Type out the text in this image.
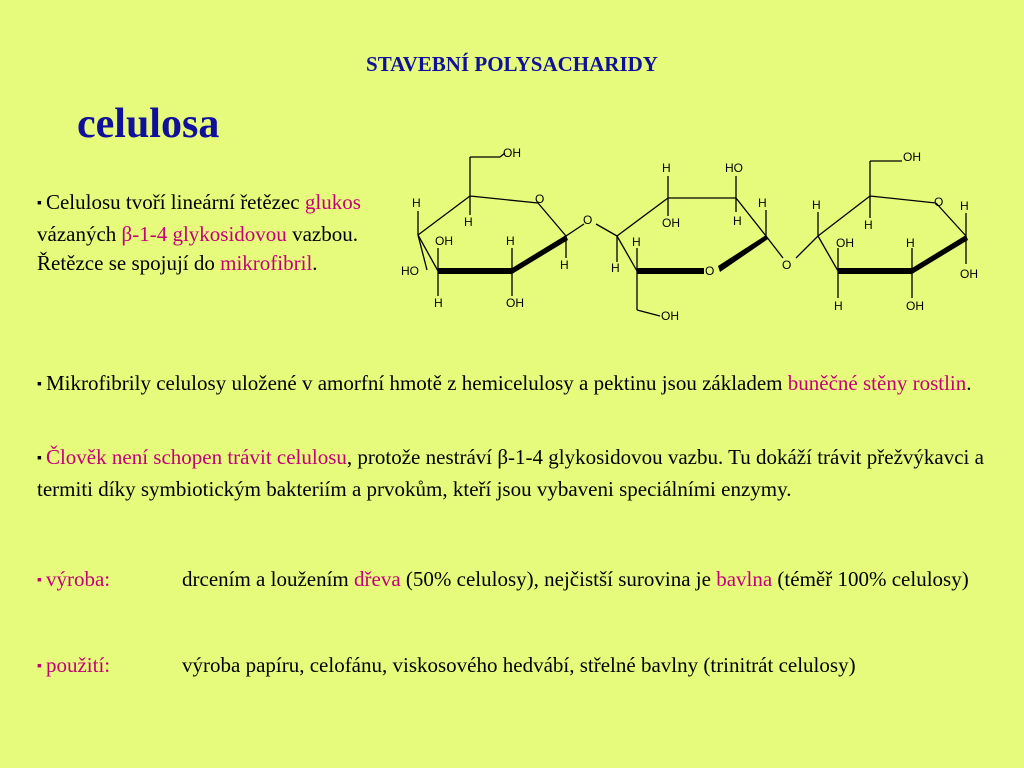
STAVEBNÍ POLYSACHARIDY
celulosa

▪ Celulosu tvoří lineární řetězec glukos vázaných β-1-4 glykosidovou vazbou. Řetězce se spojují do mikrofibril.

▪ Mikrofibrily celulosy uložené v amorfní hmotě z hemicelulosy a pektinu jsou základem buněčné stěny rostlin.

▪ Člověk není schopen trávit celulosu, protože nestráví β-1-4 glykosidovou vazbu. Tu dokáží trávit přežvýkavci a termiti díky symbiotickým bakteriím a prvokům, kteří jsou vybaveni speciálními enzymy.

▪ výroba:	drcením a loužením dřeva (50% celulosy), nejčistší surovina je bavlna (téměř 100% celulosy)
▪ použití:	výroba papíru, celofánu, viskosového hedvábí, střelné bavlny (trinitrát celulosy)
OH
O
H
H
OH	H
HO	H
H	OH
O
H	HO
OH	H
H
H
H	O
OH
O
OH
O H
H
H
OH	H
OH
H	OH
